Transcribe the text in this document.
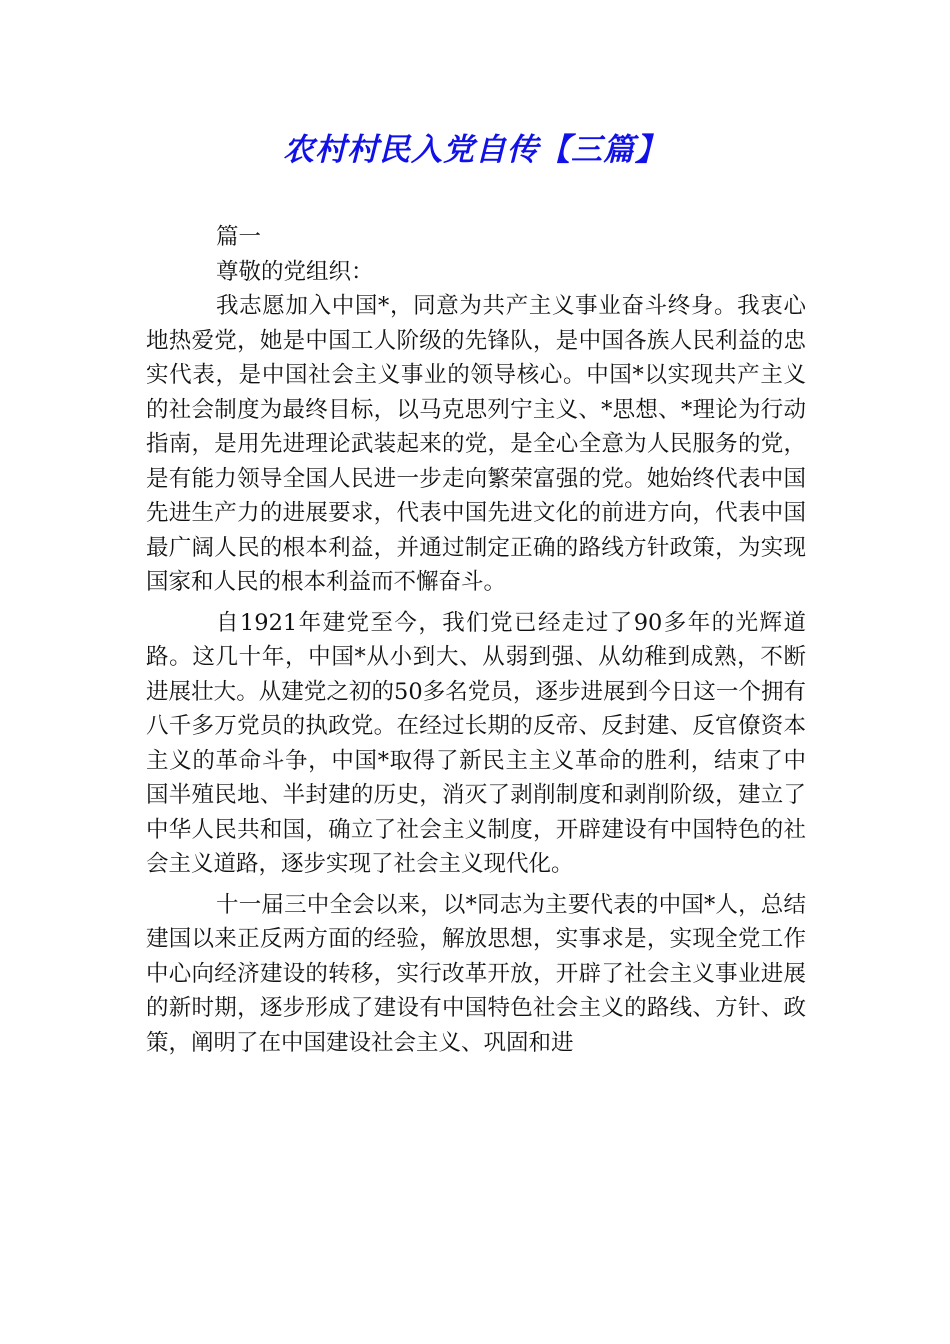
农村村民入党自传【三篇】

篇一

尊敬的党组织：

我志愿加入中国*，同意为共产主义事业奋斗终身。我衷心地热爱党，她是中国工人阶级的先锋队，是中国各族人民利益的忠实代表，是中国社会主义事业的领导核心。中国*以实现共产主义的社会制度为最终目标，以马克思列宁主义、*思想、*理论为行动指南，是用先进理论武装起来的党，是全心全意为人民服务的党，是有能力领导全国人民进一步走向繁荣富强的党。她始终代表中国先进生产力的进展要求，代表中国先进文化的前进方向，代表中国最广阔人民的根本利益，并通过制定正确的路线方针政策，为实现国家和人民的根本利益而不懈奋斗。

自1921年建党至今，我们党已经走过了90多年的光辉道路。这几十年，中国*从小到大、从弱到强、从幼稚到成熟，不断进展壮大。从建党之初的50多名党员，逐步进展到今日这一个拥有八千多万党员的执政党。在经过长期的反帝、反封建、反官僚资本主义的革命斗争，中国*取得了新民主主义革命的胜利，结束了中国半殖民地、半封建的历史，消灭了剥削制度和剥削阶级，建立了中华人民共和国，确立了社会主义制度，开辟建设有中国特色的社会主义道路，逐步实现了社会主义现代化。

十一届三中全会以来，以*同志为主要代表的中国*人，总结建国以来正反两方面的经验，解放思想，实事求是，实现全党工作中心向经济建设的转移，实行改革开放，开辟了社会主义事业进展的新时期，逐步形成了建设有中国特色社会主义的路线、方针、政策，阐明了在中国建设社会主义、巩固和进
